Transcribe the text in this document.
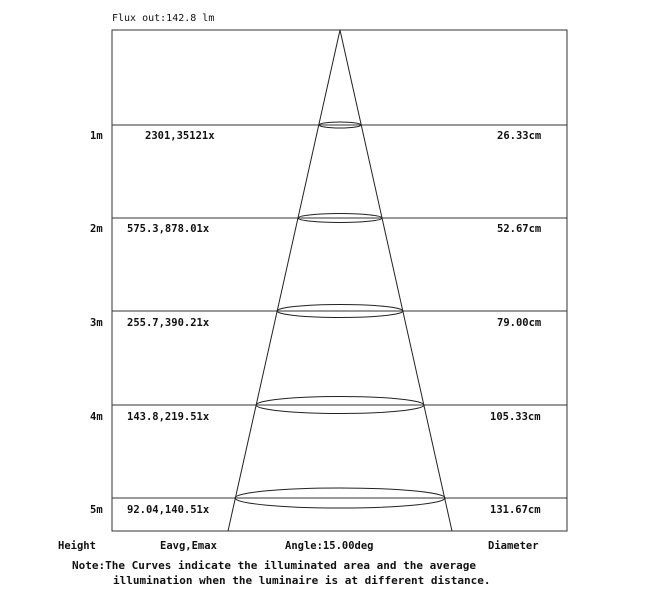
Flux out:142.8 lm
1m	2301,35121x	26.33cm
2m 575.3,878.01x	52.67cm
3m 255.7,390.21x	79.00cm
4m 143.8,219.51x	105.33cm
5m 92.04,140.51x	131.67cm
Height	Eavg,Emax	Angle:15.00deg	Diameter
Note:The Curves indicate the illuminated area and the average
illumination when the luminaire is at different distance.
